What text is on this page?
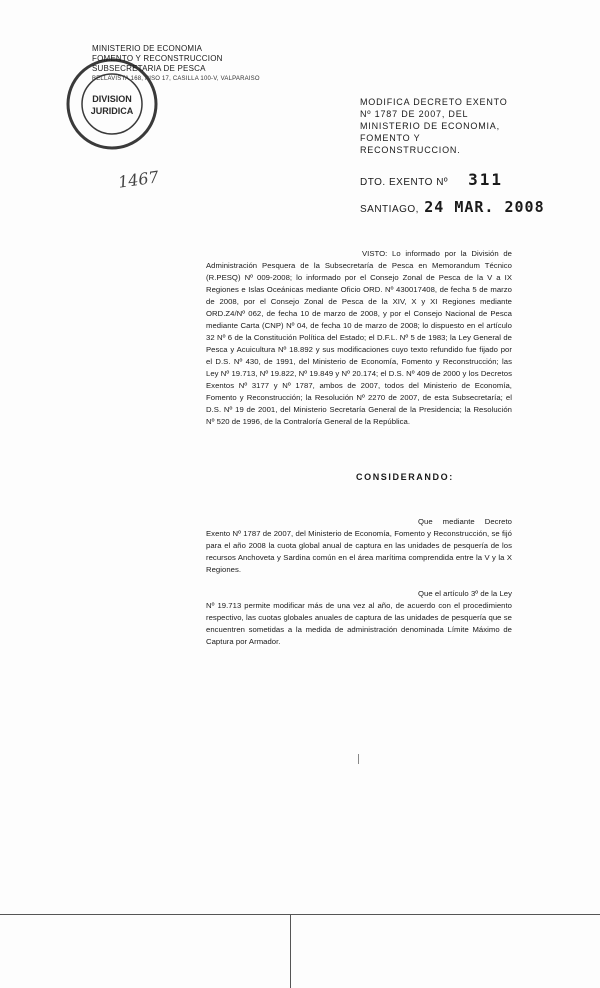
DIVISION
JURIDICA
MINISTERIO DE ECONOMIA
FOMENTO Y RECONSTRUCCION
SUBSECRETARIA DE PESCA
BELLAVISTA 168, PISO 17, CASILLA 100-V, VALPARAISO
1467
MODIFICA DECRETO EXENTO Nº 1787 DE 2007, DEL MINISTERIO DE ECONOMIA, FOMENTO Y RECONSTRUCCION.
DTO. EXENTO Nº 311
SANTIAGO, 24 MAR. 2008
VISTO: Lo informado por la División de Administración Pesquera de la Subsecretaría de Pesca en Memorandum Técnico (R.PESQ) Nº 009-2008; lo informado por el Consejo Zonal de Pesca de la V a IX Regiones e Islas Oceánicas mediante Oficio ORD. Nº 430017408, de fecha 5 de marzo de 2008, por el Consejo Zonal de Pesca de la XIV, X y XI Regiones mediante ORD.Z4/Nº 062, de fecha 10 de marzo de 2008, y por el Consejo Nacional de Pesca mediante Carta (CNP) Nº 04, de fecha 10 de marzo de 2008; lo dispuesto en el artículo 32 Nº 6 de la Constitución Política del Estado; el D.F.L. Nº 5 de 1983; la Ley General de Pesca y Acuicultura Nº 18.892 y sus modificaciones cuyo texto refundido fue fijado por el D.S. Nº 430, de 1991, del Ministerio de Economía, Fomento y Reconstrucción; las Ley Nº 19.713, Nº 19.822, Nº 19.849 y Nº 20.174; el D.S. Nº 409 de 2000 y los Decretos Exentos Nº 3177 y Nº 1787, ambos de 2007, todos del Ministerio de Economía, Fomento y Reconstrucción; la Resolución Nº 2270 de 2007, de esta Subsecretaría; el D.S. Nº 19 de 2001, del Ministerio Secretaría General de la Presidencia; la Resolución Nº 520 de 1996, de la Contraloría General de la República.
CONSIDERANDO:
Que mediante Decreto Exento Nº 1787 de 2007, del Ministerio de Economía, Fomento y Reconstrucción, se fijó para el año 2008 la cuota global anual de captura en las unidades de pesquería de los recursos Anchoveta y Sardina común en el área marítima comprendida entre la V y la X Regiones.
Que el artículo 3º de la Ley Nº 19.713 permite modificar más de una vez al año, de acuerdo con el procedimiento respectivo, las cuotas globales anuales de captura de las unidades de pesquería que se encuentren sometidas a la medida de administración denominada Límite Máximo de Captura por Armador.
